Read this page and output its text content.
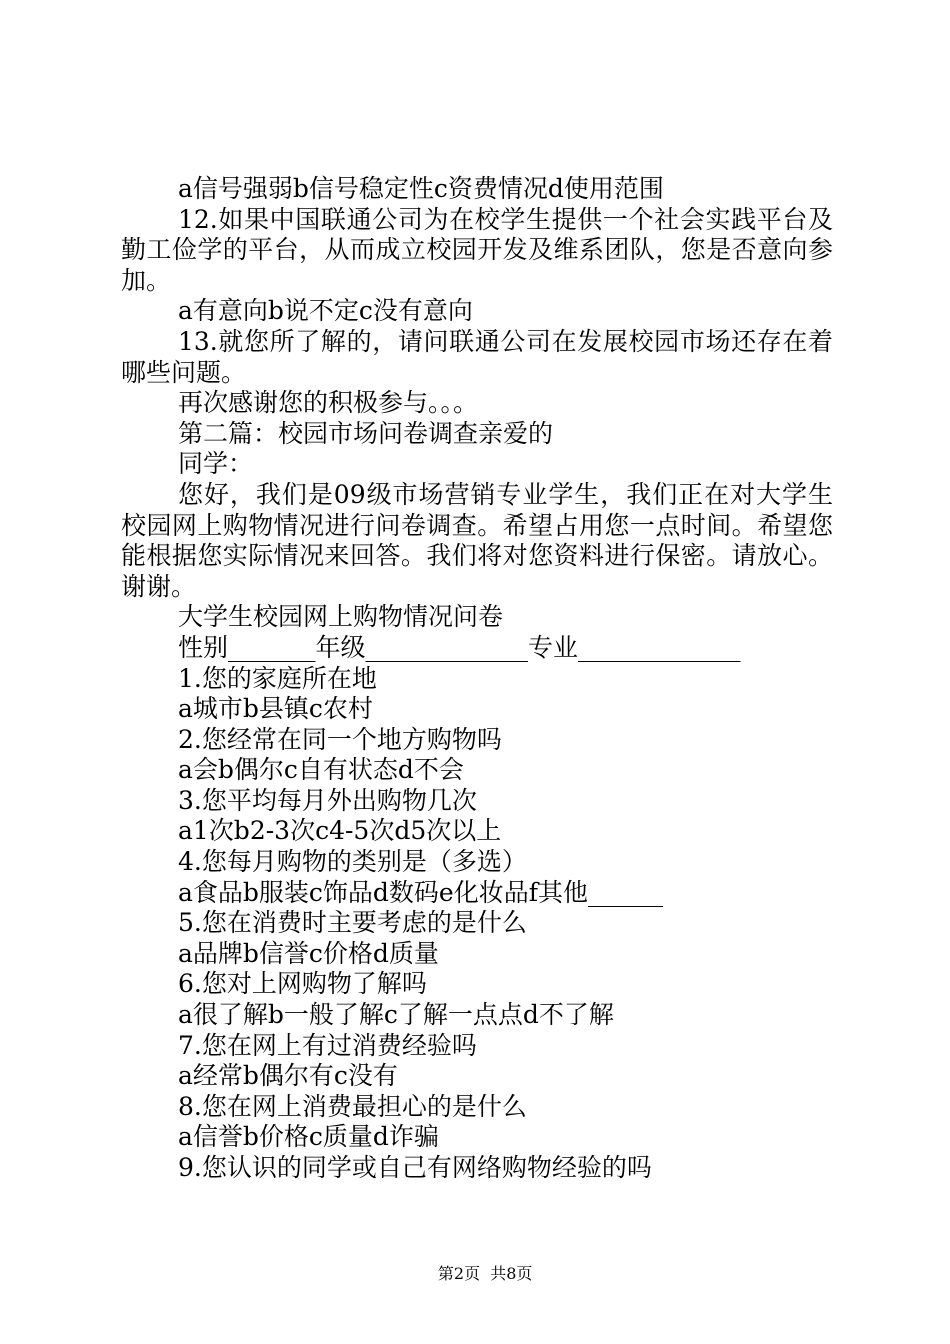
a信号强弱b信号稳定性c资费情况d使用范围

12.如果中国联通公司为在校学生提供一个社会实践平台及勤工俭学的平台，从而成立校园开发及维系团队，您是否意向参加。

a有意向b说不定c没有意向

13.就您所了解的，请问联通公司在发展校园市场还存在着哪些问题。

再次感谢您的积极参与。。。

第二篇：校园市场问卷调查亲爱的

同学：

您好，我们是09级市场营销专业学生，我们正在对大学生校园网上购物情况进行问卷调查。希望占用您一点时间。希望您能根据您实际情况来回答。我们将对您资料进行保密。请放心。谢谢。

大学生校园网上购物情况问卷

性别_______年级_____________专业_____________

1.您的家庭所在地

a城市b县镇c农村

2.您经常在同一个地方购物吗

a会b偶尔c自有状态d不会

3.您平均每月外出购物几次

a1次b2-3次c4-5次d5次以上

4.您每月购物的类别是（多选）

a食品b服装c饰品d数码e化妆品f其他______

5.您在消费时主要考虑的是什么

a品牌b信誉c价格d质量

6.您对上网购物了解吗

a很了解b一般了解c了解一点点d不了解

7.您在网上有过消费经验吗

a经常b偶尔有c没有

8.您在网上消费最担心的是什么

a信誉b价格c质量d诈骗

9.您认识的同学或自己有网络购物经验的吗

第2页  共8页
